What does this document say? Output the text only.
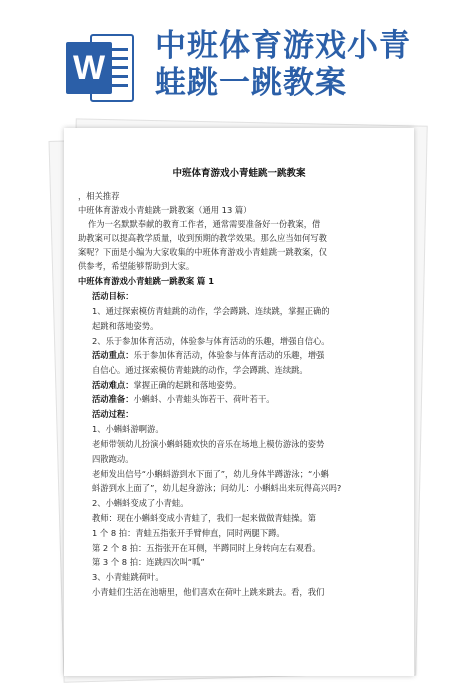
W
中班体育游戏小青
蛙跳一跳教案
中班体育游戏小青蛙跳一跳教案
，相关推荐
中班体育游戏小青蛙跳一跳教案（通用 13 篇）
作为一名默默奉献的教育工作者，通常需要准备好一份教案，借
助教案可以提高教学质量，收到预期的教学效果。那么应当如何写教
案呢？下面是小编为大家收集的中班体育游戏小青蛙跳一跳教案，仅
供参考，希望能够帮助到大家。
中班体育游戏小青蛙跳一跳教案 篇 1
活动目标：
1、通过探索模仿青蛙跳的动作，学会蹲跳、连续跳，掌握正确的
起跳和落地姿势。
2、乐于参加体育活动，体验参与体育活动的乐趣，增强自信心。
活动重点：乐于参加体育活动，体验参与体育活动的乐趣，增强
自信心。通过探索模仿青蛙跳的动作，学会蹲跳、连续跳。
活动难点：掌握正确的起跳和落地姿势。
活动准备：小蝌蚪、小青蛙头饰若干、荷叶若干。
活动过程：
1、小蝌蚪游啊游。
老师带领幼儿扮演小蝌蚪随欢快的音乐在场地上模仿游泳的姿势
四散跑动。
老师发出信号“小蝌蚪游到水下面了”，幼儿身体半蹲游泳；“小蝌
蚪游到水上面了”，幼儿起身游泳；问幼儿：小蝌蚪出来玩得高兴吗?
2、小蝌蚪变成了小青蛙。
教师：现在小蝌蚪变成小青蛙了，我们一起来做做青蛙操。第
1 个 8 拍：青蛙五指张开手臂伸直，同时两腿下蹲。
第 2 个 8 拍：五指张开在耳侧，半蹲同时上身转向左右观看。
第 3 个 8 拍：连跳四次叫“呱”
3、小青蛙跳荷叶。
小青蛙们生活在池塘里，他们喜欢在荷叶上跳来跳去。看，我们
